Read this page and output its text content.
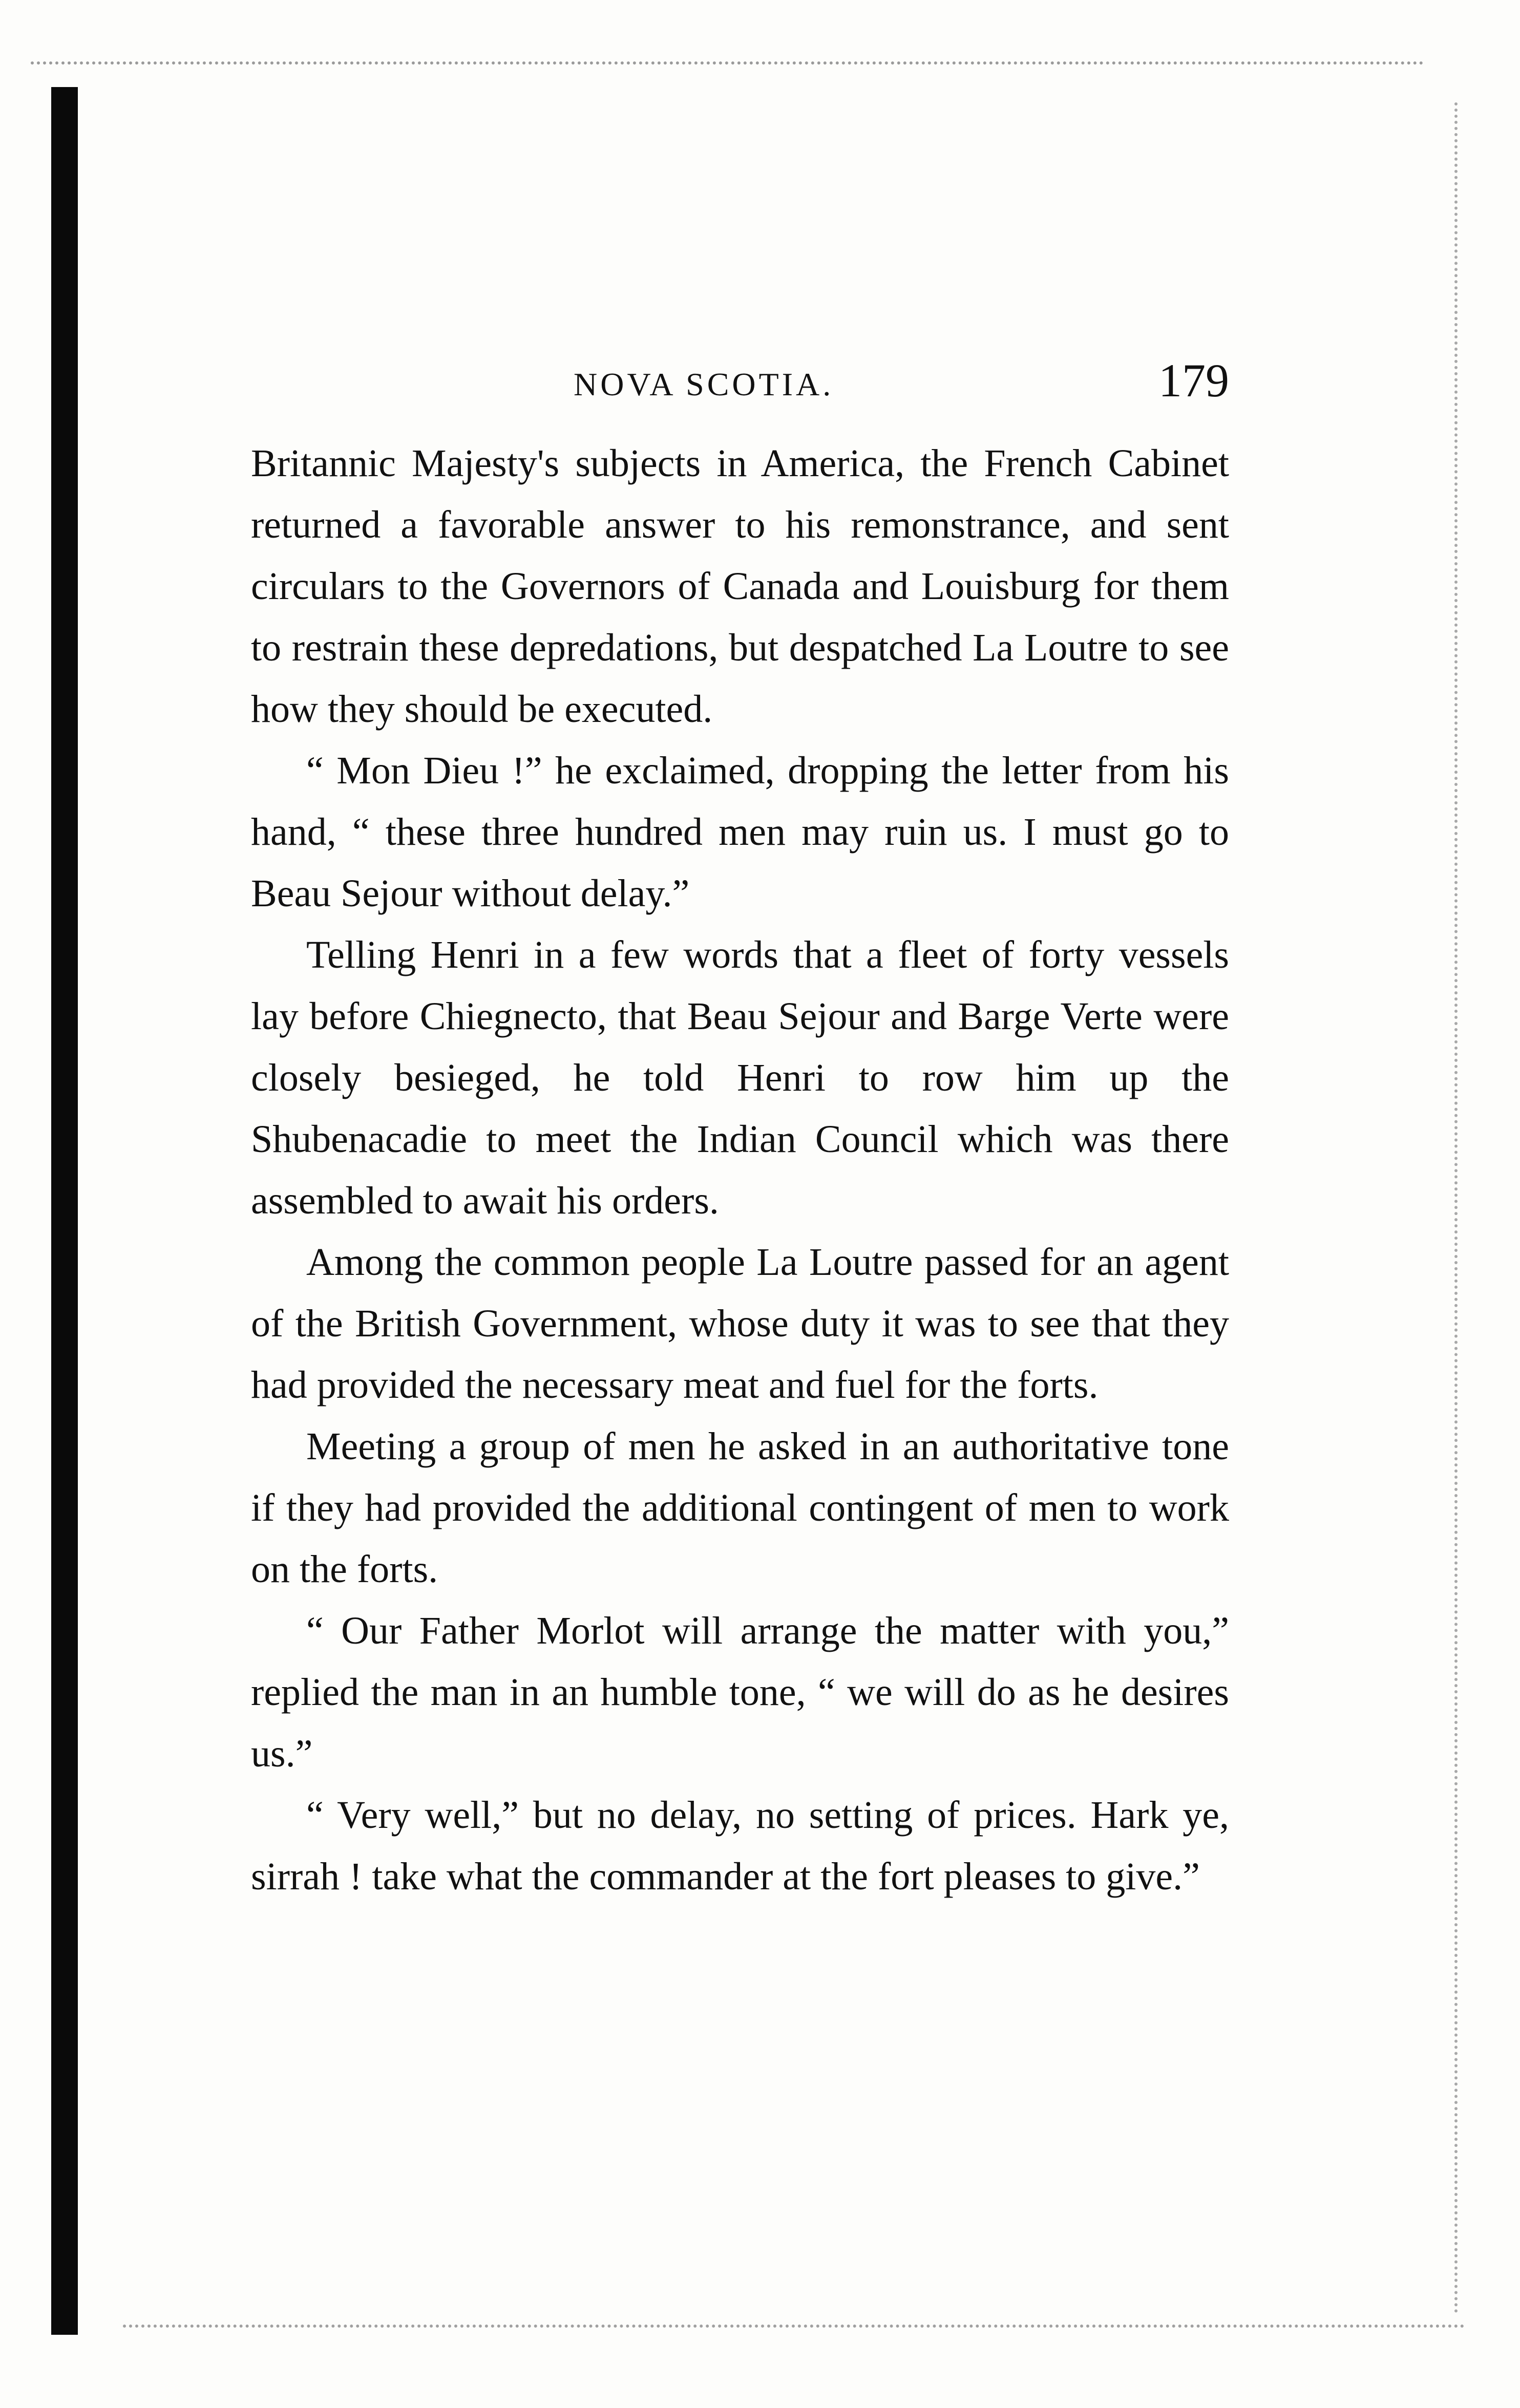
NOVA SCOTIA.	179

Britannic Majesty's subjects in America, the French Cabinet returned a favorable answer to his remonstrance, and sent circulars to the Governors of Canada and Louisburg for them to restrain these depredations, but despatched La Loutre to see how they should be executed.

“ Mon Dieu !” he exclaimed, dropping the letter from his hand, “ these three hundred men may ruin us. I must go to Beau Sejour without delay.”

Telling Henri in a few words that a fleet of forty vessels lay before Chiegnecto, that Beau Sejour and Barge Verte were closely besieged, he told Henri to row him up the Shubenacadie to meet the Indian Council which was there assembled to await his orders.

Among the common people La Loutre passed for an agent of the British Government, whose duty it was to see that they had provided the necessary meat and fuel for the forts.

Meeting a group of men he asked in an authoritative tone if they had provided the additional contingent of men to work on the forts.

“ Our Father Morlot will arrange the matter with you,” replied the man in an humble tone, “ we will do as he desires us.”

“ Very well,” but no delay, no setting of prices. Hark ye, sirrah ! take what the commander at the fort pleases to give.”
